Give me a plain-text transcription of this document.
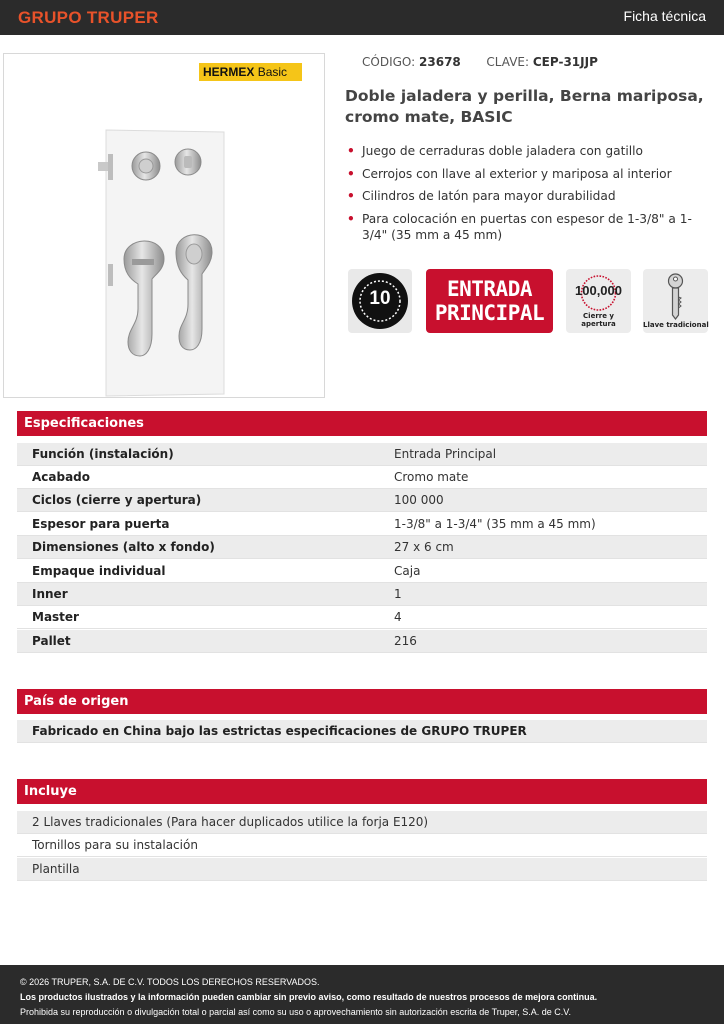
GRUPO TRUPER	Ficha técnica
HERMEX Basic
CÓDIGO: 23678 CLAVE: CEP-31JJP
Doble jaladera y perilla, Berna mariposa, cromo mate, BASIC
• Juego de cerraduras doble jaladera con gatillo
• Cerrojos con llave al exterior y mariposa al interior
• Cilindros de latón para mayor durabilidad
• Para colocación en puertas con espesor de 1-3/8" a 1-3/4" (35 mm a 45 mm)
10	ENTRADA
PRINCIPAL
100,000
Cierre y apertura	Llave tradicional
Especificaciones
Función (instalación)	Entrada Principal
Acabado	Cromo mate
Ciclos (cierre y apertura)	100 000
Espesor para puerta	1-3/8" a 1-3/4" (35 mm a 45 mm)
Dimensiones (alto x fondo)	27 x 6 cm
Empaque individual	Caja
Inner	1
Master	4
Pallet	216
País de origen
Fabricado en China bajo las estrictas especificaciones de GRUPO TRUPER
Incluye
2 Llaves tradicionales (Para hacer duplicados utilice la forja E120)
Tornillos para su instalación
Plantilla
© 2026 TRUPER, S.A. DE C.V. TODOS LOS DERECHOS RESERVADOS.
Los productos ilustrados y la información pueden cambiar sin previo aviso, como resultado de nuestros procesos de mejora continua.
Prohibida su reproducción o divulgación total o parcial así como su uso o aprovechamiento sin autorización escrita de Truper, S.A. de C.V.
